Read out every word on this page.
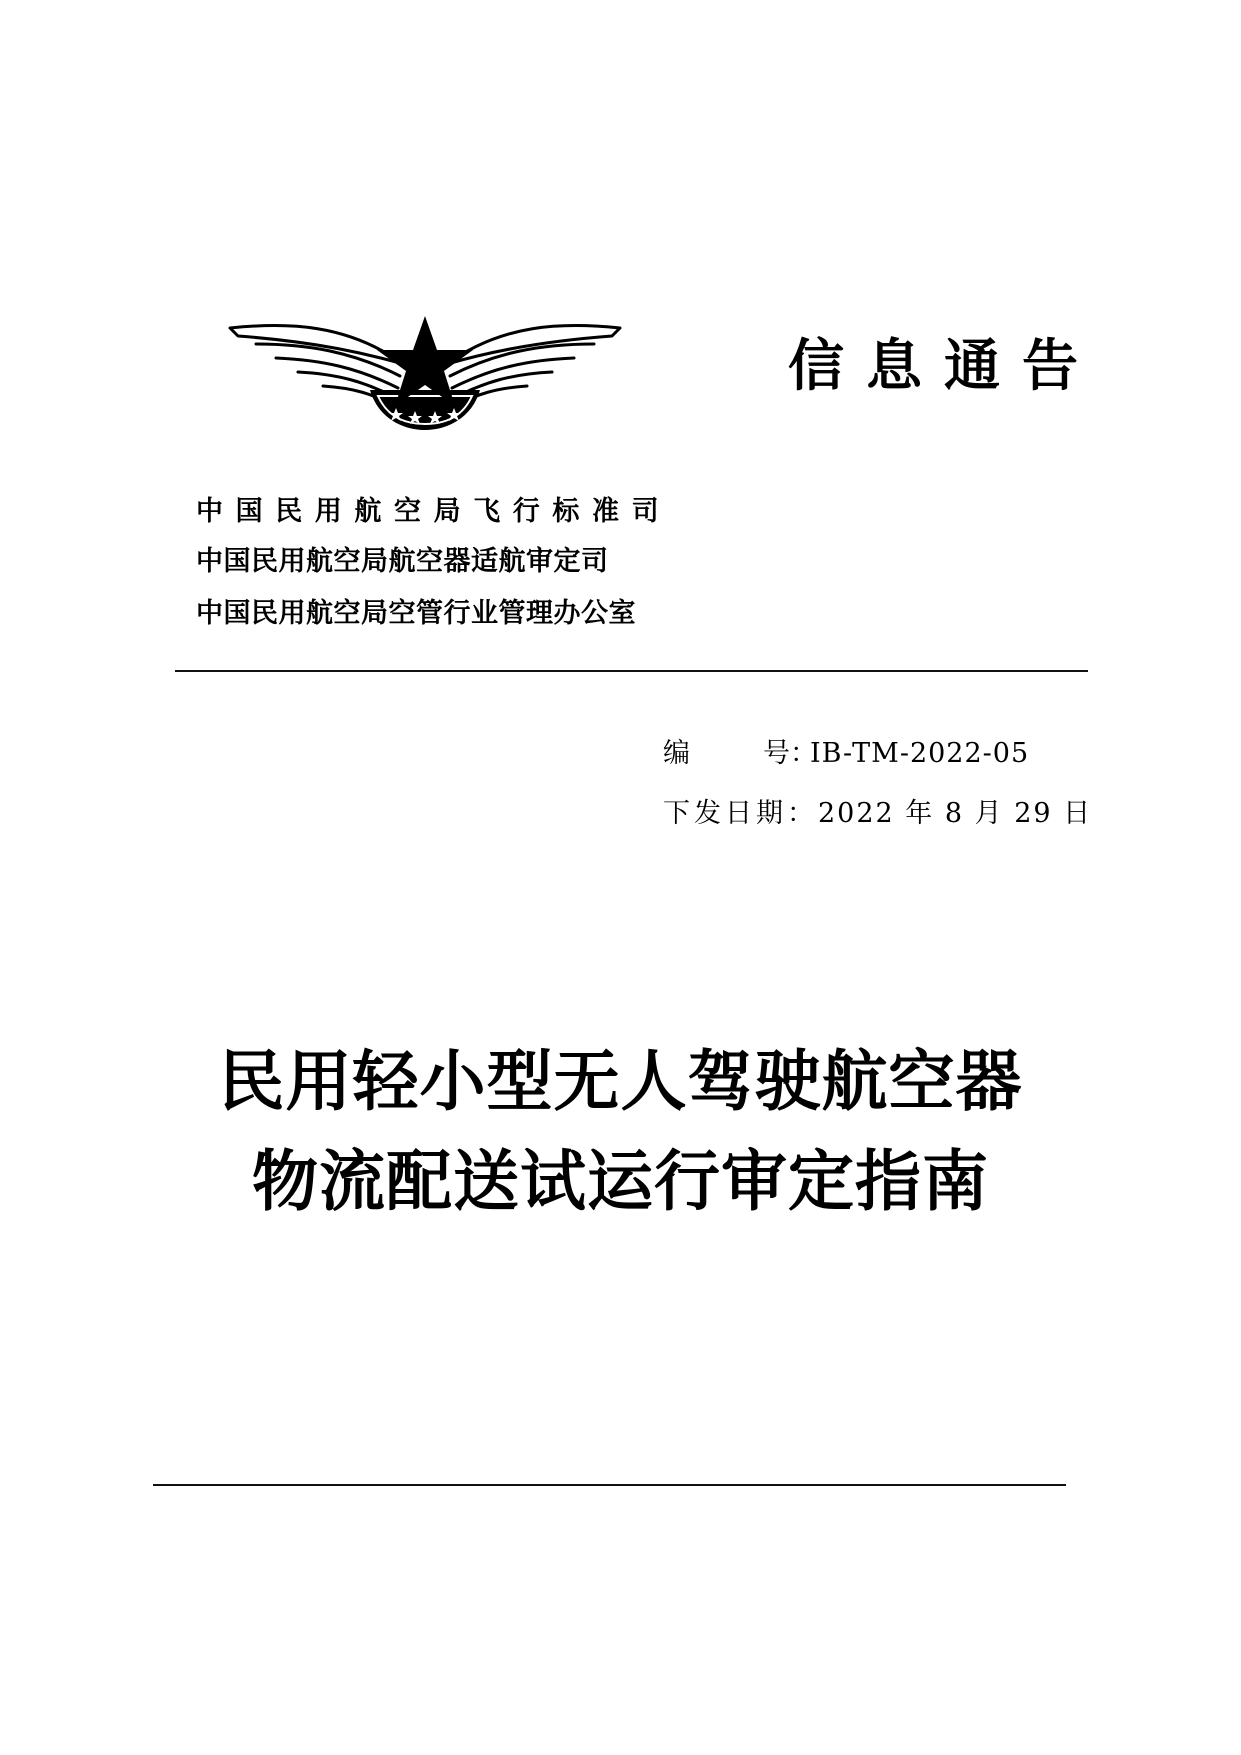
信息通告
中国民用航空局飞行标准司
中国民用航空局航空器适航审定司
中国民用航空局空管行业管理办公室
编	号：IB-TM-2022-05
下发日期：2022 年 8 月 29 日
民用轻小型无人驾驶航空器
物流配送试运行审定指南
